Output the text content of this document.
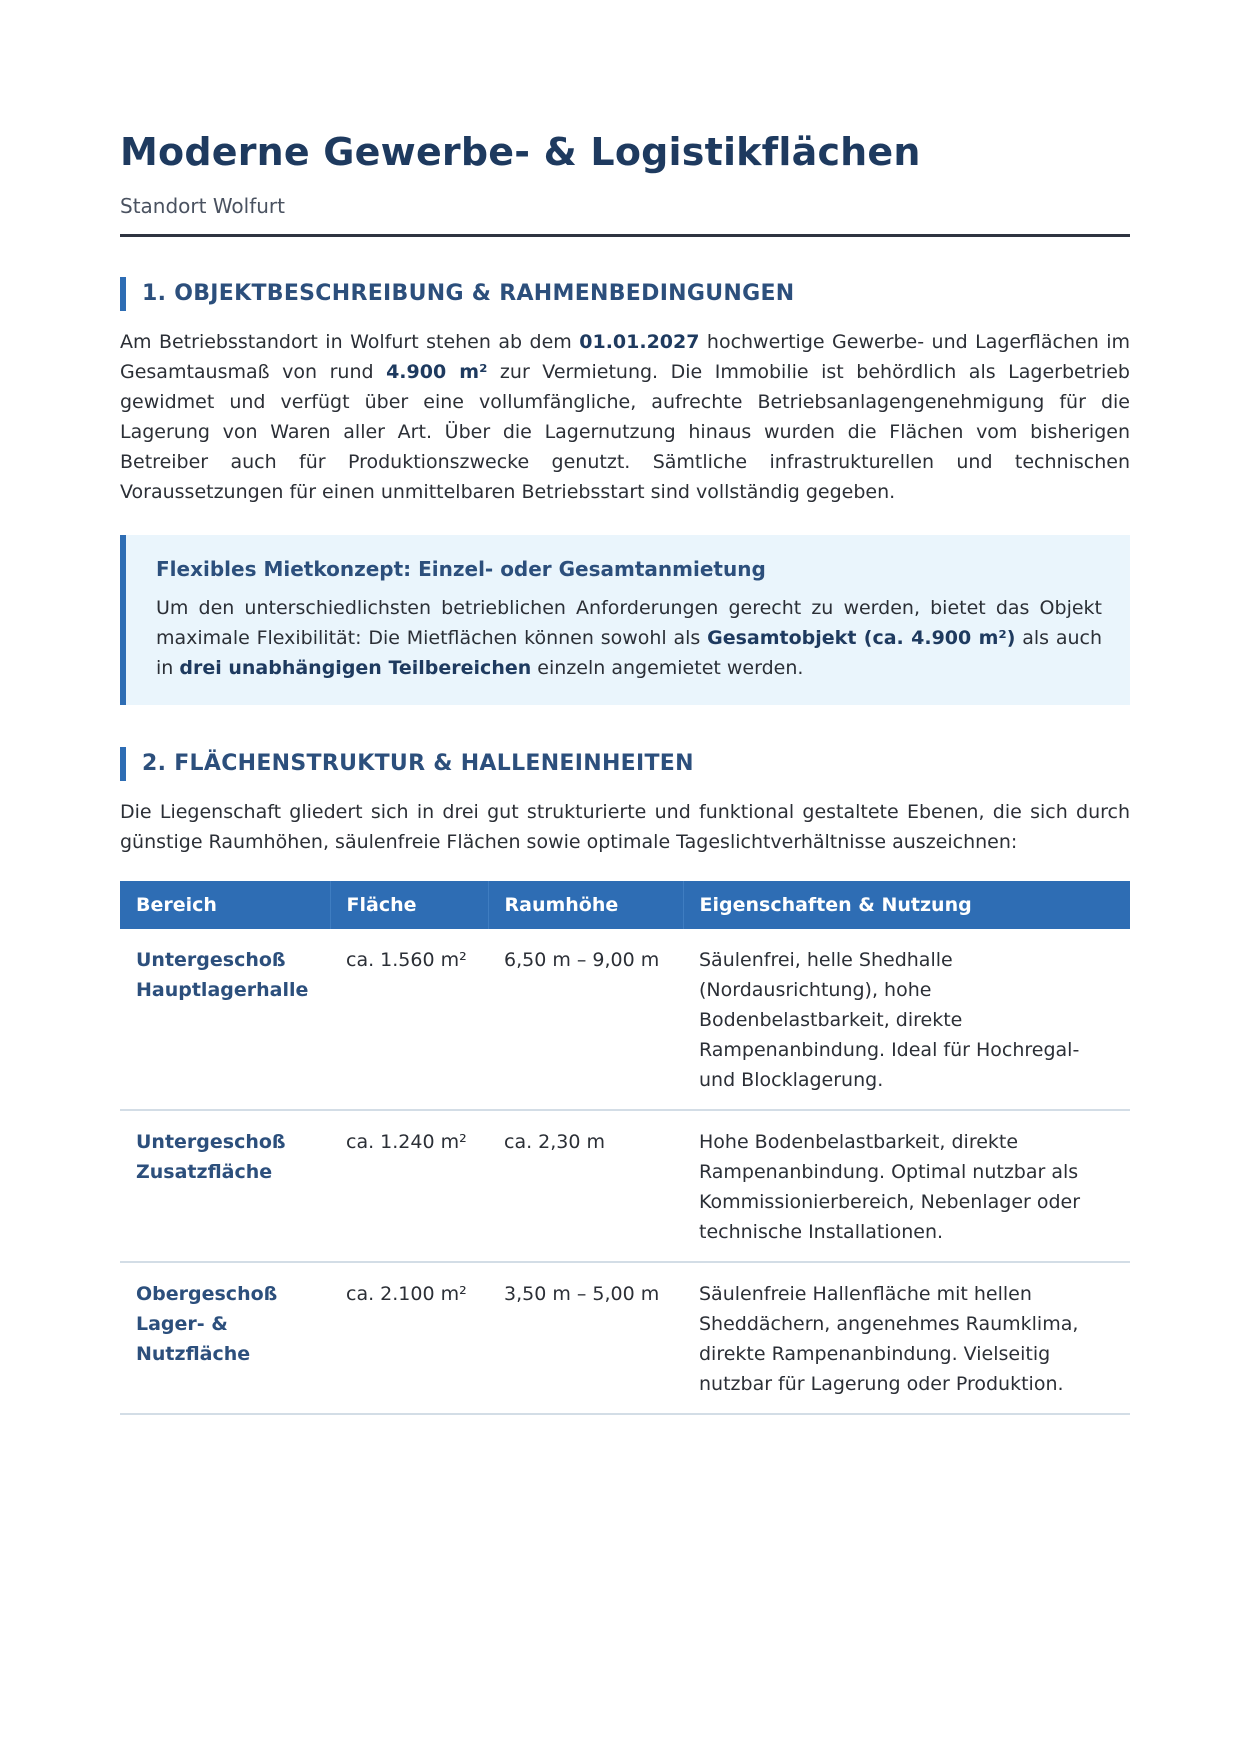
Moderne Gewerbe- & Logistikflächen
Standort Wolfurt
1. OBJEKTBESCHREIBUNG & RAHMENBEDINGUNGEN
Am Betriebsstandort in Wolfurt stehen ab dem 01.01.2027 hochwertige Gewerbe- und Lagerflächen im Gesamtausmaß von rund 4.900 m² zur Vermietung. Die Immobilie ist behördlich als Lagerbetrieb gewidmet und verfügt über eine vollumfängliche, aufrechte Betriebsanlagengenehmigung für die Lagerung von Waren aller Art. Über die Lagernutzung hinaus wurden die Flächen vom bisherigen Betreiber auch für Produktionszwecke genutzt. Sämtliche infrastrukturellen und technischen Voraussetzungen für einen unmittelbaren Betriebsstart sind vollständig gegeben.
Flexibles Mietkonzept: Einzel- oder Gesamtanmietung
Um den unterschiedlichsten betrieblichen Anforderungen gerecht zu werden, bietet das Objekt maximale Flexibilität: Die Mietflächen können sowohl als Gesamtobjekt (ca. 4.900 m²) als auch in drei unabhängigen Teilbereichen einzeln angemietet werden.
2. FLÄCHENSTRUKTUR & HALLENEINHEITEN
Die Liegenschaft gliedert sich in drei gut strukturierte und funktional gestaltete Ebenen, die sich durch günstige Raumhöhen, säulenfreie Flächen sowie optimale Tageslichtverhältnisse auszeichnen:
Bereich	Fläche	Raumhöhe	Eigenschaften & Nutzung

Untergeschoß
Hauptlagerhalle	ca. 1.560 m²	6,50 m – 9,00 m	Säulenfrei, helle Shedhalle (Nordausrichtung), hohe Bodenbelastbarkeit, direkte Rampenanbindung. Ideal für Hochregal- und Blocklagerung.

Untergeschoß
Zusatzfläche	ca. 1.240 m²	ca. 2,30 m	Hohe Bodenbelastbarkeit, direkte Rampenanbindung. Optimal nutzbar als Kommissionierbereich, Nebenlager oder technische Installationen.

Obergeschoß
Lager- &
Nutzfläche	ca. 2.100 m²	3,50 m – 5,00 m	Säulenfreie Hallenfläche mit hellen Sheddächern, angenehmes Raumklima, direkte Rampenanbindung. Vielseitig nutzbar für Lagerung oder Produktion.
